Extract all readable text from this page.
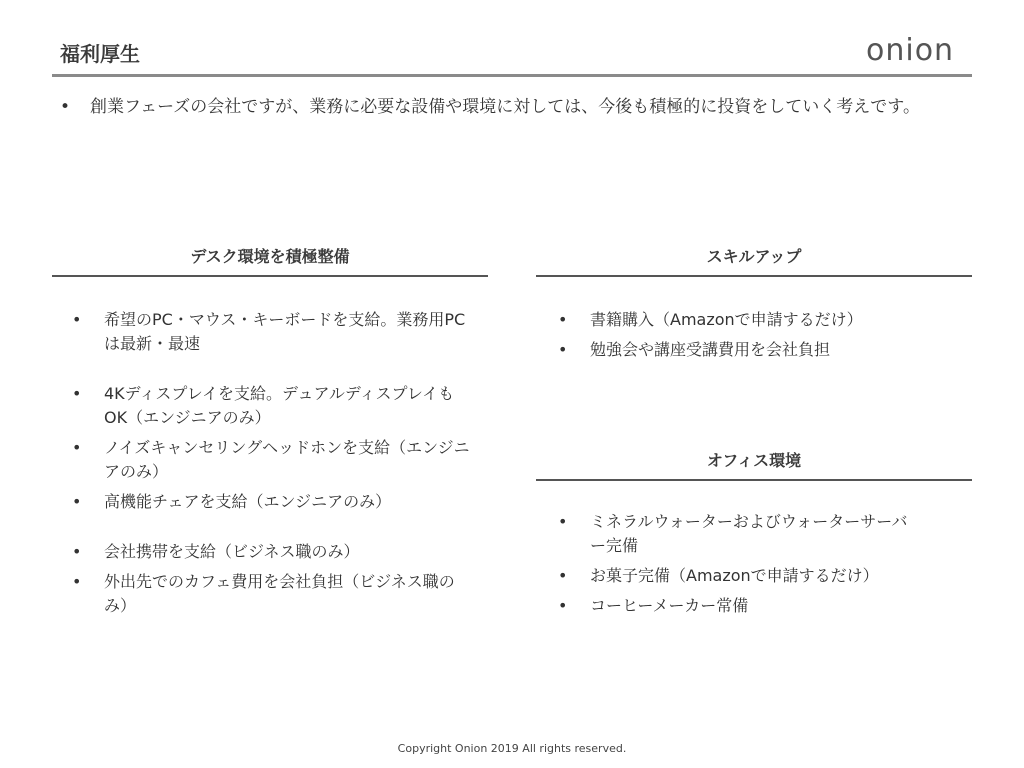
福利厚生	onion
•	創業フェーズの会社ですが、業務に必要な設備や環境に対しては、今後も積極的に投資をしていく考えです。
デスク環境を積極整備
• 希望のPC・マウス・キーボードを支給。業務用PCは最新・最速
• 4Kディスプレイを支給。デュアルディスプレイもOK（エンジニアのみ）
• ノイズキャンセリングヘッドホンを支給（エンジニアのみ）
• 高機能チェアを支給（エンジニアのみ）
• 会社携帯を支給（ビジネス職のみ）
• 外出先でのカフェ費用を会社負担（ビジネス職のみ）
スキルアップ
• 書籍購入（Amazonで申請するだけ）
• 勉強会や講座受講費用を会社負担
オフィス環境
• ミネラルウォーターおよびウォーターサーバー完備
• お菓子完備（Amazonで申請するだけ）
• コーヒーメーカー常備
Copyright Onion 2019 All rights reserved.
